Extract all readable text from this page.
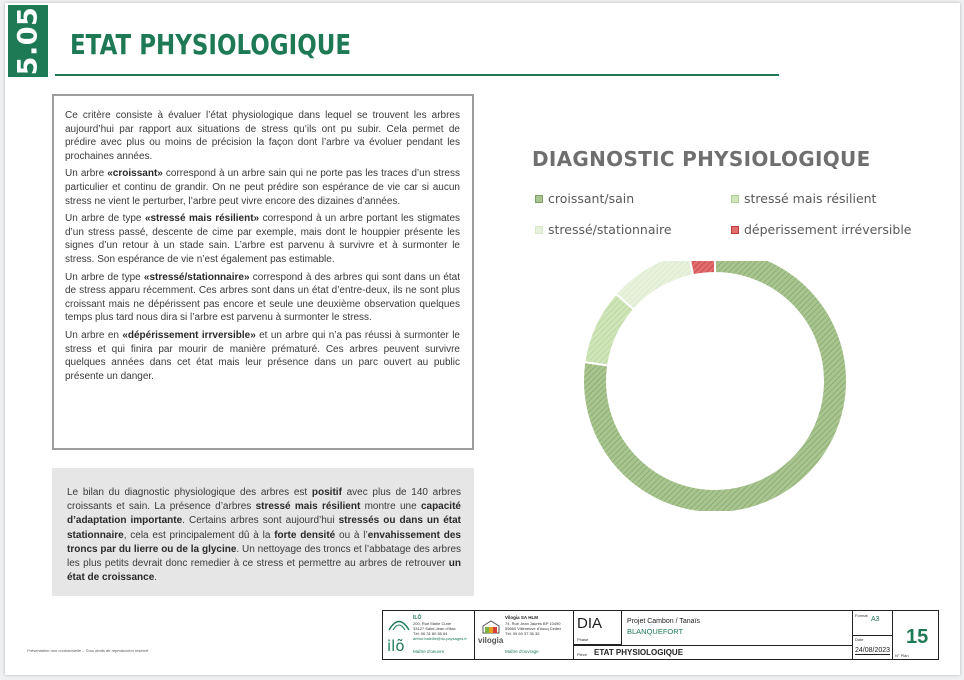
5.05 ETAT PHYSIOLOGIQUE

Ce critère consiste à évaluer l’état physiologique dans lequel se trouvent les arbres aujourd’hui par rapport aux situations de stress qu’ils ont pu subir. Cela permet de prédire avec plus ou moins de précision la façon dont l’arbre va évoluer pendant les prochaines années.

Un arbre «croissant» correspond à un arbre sain qui ne porte pas les traces d’un stress particulier et continu de grandir. On ne peut prédire son espérance de vie car si aucun stress ne vient le perturber, l’arbre peut vivre encore des dizaines d’années.

Un arbre de type «stressé mais résilient» correspond à un arbre portant les stigmates d’un stress passé, descente de cime par exemple, mais dont le houppier présente les signes d’un retour à un stade sain. L’arbre est parvenu à survivre et à surmonter le stress. Son espérance de vie n’est également pas estimable.

Un arbre de type «stressé/stationnaire» correspond à des arbres qui sont dans un état de stress apparu récemment. Ces arbres sont dans un état d’entre-deux, ils ne sont plus croissant mais ne dépérissent pas encore et seule une deuxième observation quelques temps plus tard nous dira si l’arbre est parvenu à surmonter le stress.

Un arbre en «dépérissement irrversible» et un arbre qui n’a pas réussi à surmonter le stress et qui finira par mourir de manière prématuré. Ces arbres peuvent survivre quelques années dans cet état mais leur présence dans un parc ouvert au public présente un danger.

Le bilan du diagnostic physiologique des arbres est positif avec plus de 140 arbres croissants et sain. La présence d’arbres stressé mais résilient montre une capacité d’adaptation importante. Certains arbres sont aujourd’hui stressés ou dans un état stationnaire, cela est principalement dû à la forte densité ou à l’envahissement des troncs par du lierre ou de la glycine. Un nettoyage des troncs et l’abbatage des arbres les plus petits devrait donc remedier à ce stress et permettre au arbres de retrouver un état de croissance.
DIAGNOSTIC PHYSIOLOGIQUE
croissant/sain	stressé mais résilient
stressé/stationnaire	déperissement irréversible
Présentation non contractuelle – Tous droits de reproduction reservé	ilõ
ILÔ
200, Rue Marie Curie
33127 Saint-Jean d'Illac
Tél: 06 31 80 55 64
arthur.baleille@ilo-paysages.fr
Maître d'oeuvre
vilogia
Vilogia SA HLM
74, Rue Jean Jaurès BP 10490
59660 Villeneuve d'Ascq Cedex
Tél: 09 69 37 36 35
Maître d'ouvrage
DIA
Phase
Projet Cambon / Tanaïs
BLANQUEFORT
Pièce ETAT PHYSIOLOGIQUE
Format
A3
Date
24/08/2023
15
N° Plan
